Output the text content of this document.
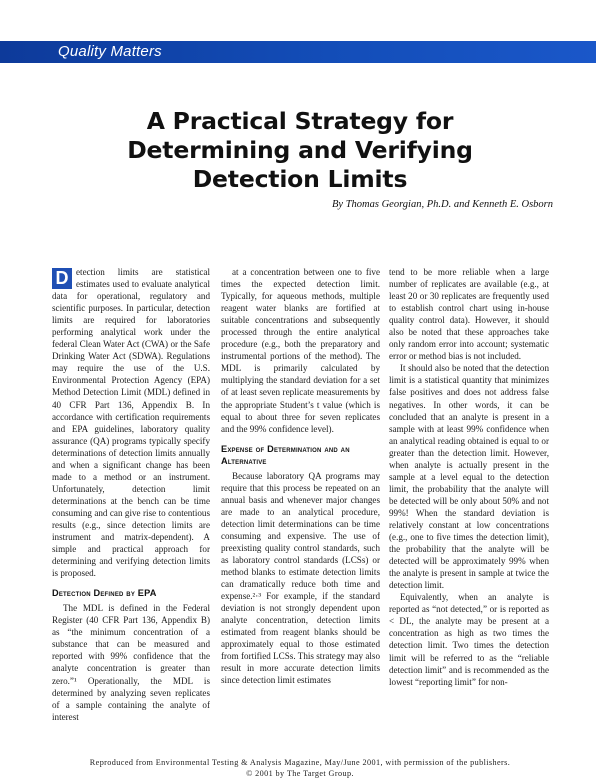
Quality Matters
A Practical Strategy for
Determining and Verifying
Detection Limits
By Thomas Georgian, Ph.D. and Kenneth E. Osborn

D etection limits are statistical estimates used to evaluate analytical data for operational, regulatory and scientific purposes. In particular, detection limits are required for laboratories performing analytical work under the federal Clean Water Act (CWA) or the Safe Drinking Water Act (SDWA). Regulations may require the use of the U.S. Environmental Protection Agency (EPA) Method Detection Limit (MDL) defined in 40 CFR Part 136, Appendix B. In accordance with certification requirements and EPA guidelines, laboratory quality assurance (QA) programs typically specify determinations of detection limits annually and when a significant change has been made to a method or an instrument. Unfortunately, detection limit determinations at the bench can be time consuming and can give rise to contentious results (e.g., since detection limits are instrument and matrix-dependent). A simple and practical approach for determining and verifying detection limits is proposed.

Detection Defined by EPA

The MDL is defined in the Federal Register (40 CFR Part 136, Appendix B) as “the minimum concentration of a substance that can be measured and reported with 99% confidence that the analyte concentration is greater than zero.”¹ Operationally, the MDL is determined by analyzing seven replicates of a sample containing the analyte of interest

at a concentration between one to five times the expected detection limit. Typically, for aqueous methods, multiple reagent water blanks are fortified at suitable concentrations and subsequently processed through the entire analytical procedure (e.g., both the preparatory and instrumental portions of the method). The MDL is primarily calculated by multiplying the standard deviation for a set of at least seven replicate measurements by the appropriate Student’s t value (which is equal to about three for seven replicates and the 99% confidence level).

Expense of Determination and an Alternative

Because laboratory QA programs may require that this process be repeated on an annual basis and whenever major changes are made to an analytical procedure, detection limit determinations can be time consuming and expensive. The use of preexisting quality control standards, such as laboratory control standards (LCSs) or method blanks to estimate detection limits can dramatically reduce both time and expense.²·³ For example, if the standard deviation is not strongly dependent upon analyte concentration, detection limits estimated from reagent blanks should be approximately equal to those estimated from fortified LCSs. This strategy may also result in more accurate detection limits since detection limit estimates

tend to be more reliable when a large number of replicates are available (e.g., at least 20 or 30 replicates are frequently used to establish control chart using in-house quality control data). However, it should also be noted that these approaches take only random error into account; systematic error or method bias is not included.

It should also be noted that the detection limit is a statistical quantity that minimizes false positives and does not address false negatives. In other words, it can be concluded that an analyte is present in a sample with at least 99% confidence when an analytical reading obtained is equal to or greater than the detection limit. However, when analyte is actually present in the sample at a level equal to the detection limit, the probability that the analyte will be detected will be only about 50% and not 99%! When the standard deviation is relatively constant at low concentrations (e.g., one to five times the detection limit), the probability that the analyte will be detected will be approximately 99% when the analyte is present in sample at twice the detection limit.

Equivalently, when an analyte is reported as “not detected,” or is reported as < DL, the analyte may be present at a concentration as high as two times the detection limit. Two times the detection limit will be referred to as the “reliable detection limit” and is recommended as the lowest “reporting limit” for non-

Reproduced from Environmental Testing & Analysis Magazine, May/June 2001, with permission of the publishers.
© 2001 by The Target Group.
